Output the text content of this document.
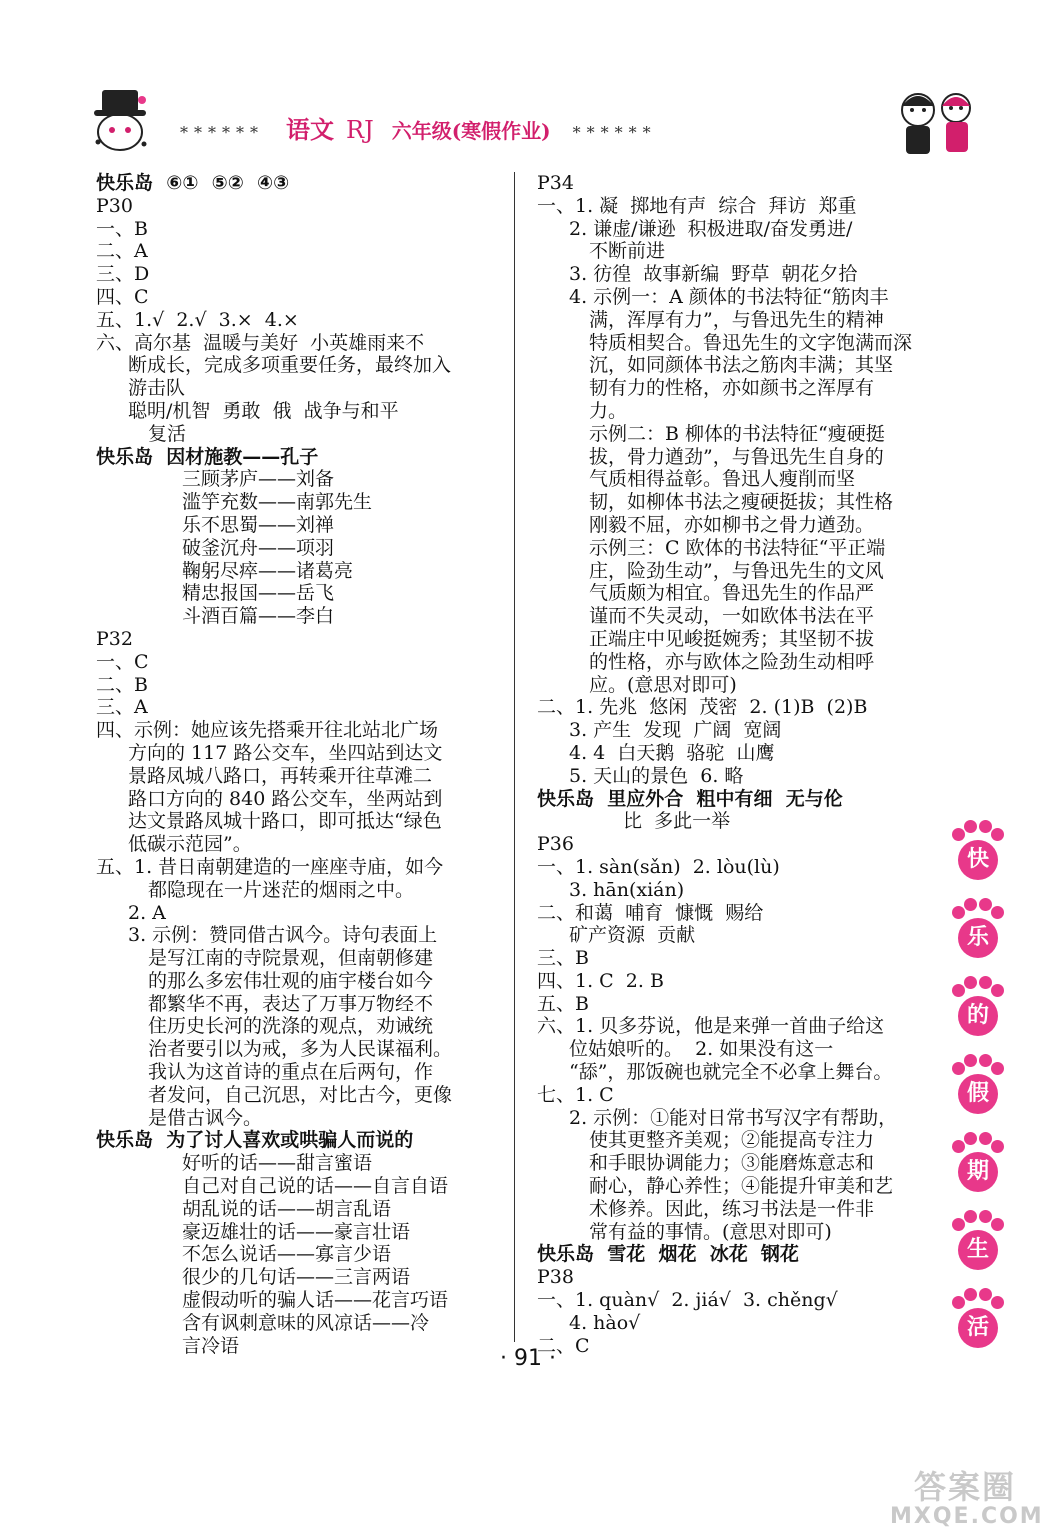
****** 语文 RJ 六年级(寒假作业) ******
快乐岛  ⑥①  ⑤②  ④③
P30
一、B
二、A
三、D
四、C
五、1.√  2.√  3.×  4.×
六、高尔基  温暖与美好  小英雄雨来不
断成长，完成多项重要任务，最终加入
游击队
聪明/机智  勇敢  俄  战争与和平
复活
快乐岛  因材施教——孔子
三顾茅庐——刘备
滥竽充数——南郭先生
乐不思蜀——刘禅
破釜沉舟——项羽
鞠躬尽瘁——诸葛亮
精忠报国——岳飞
斗酒百篇——李白
P32
一、C
二、B
三、A
四、示例：她应该先搭乘开往北站北广场
方向的 117 路公交车，坐四站到达文
景路凤城八路口，再转乘开往草滩二
路口方向的 840 路公交车，坐两站到
达文景路凤城十路口，即可抵达“绿色
低碳示范园”。
五、1. 昔日南朝建造的一座座寺庙，如今
都隐现在一片迷茫的烟雨之中。
2. A
3. 示例：赞同借古讽今。诗句表面上
是写江南的寺院景观，但南朝修建
的那么多宏伟壮观的庙宇楼台如今
都繁华不再，表达了万事万物经不
住历史长河的洗涤的观点，劝诫统
治者要引以为戒，多为人民谋福利。
我认为这首诗的重点在后两句，作
者发问，自己沉思，对比古今，更像
是借古讽今。
快乐岛  为了讨人喜欢或哄骗人而说的
好听的话——甜言蜜语
自己对自己说的话——自言自语
胡乱说的话——胡言乱语
豪迈雄壮的话——豪言壮语
不怎么说话——寡言少语
很少的几句话——三言两语
虚假动听的骗人话——花言巧语
含有讽刺意味的风凉话——冷
言冷语
P34
一、1. 凝  掷地有声  综合  拜访  郑重
2. 谦虚/谦逊  积极进取/奋发勇进/
不断前进
3. 彷徨  故事新编  野草  朝花夕拾
4. 示例一：A 颜体的书法特征“筋肉丰
满，浑厚有力”，与鲁迅先生的精神
特质相契合。鲁迅先生的文字饱满而深
沉，如同颜体书法之筋肉丰满；其坚
韧有力的性格，亦如颜书之浑厚有
力。
示例二：B 柳体的书法特征“瘦硬挺
拔，骨力遒劲”，与鲁迅先生自身的
气质相得益彰。鲁迅人瘦削而坚
韧，如柳体书法之瘦硬挺拔；其性格
刚毅不屈，亦如柳书之骨力遒劲。
示例三：C 欧体的书法特征“平正端
庄，险劲生动”，与鲁迅先生的文风
气质颇为相宜。鲁迅先生的作品严
谨而不失灵动，一如欧体书法在平
正端庄中见峻挺婉秀；其坚韧不拔
的性格，亦与欧体之险劲生动相呼
应。(意思对即可)
二、1. 先兆  悠闲  茂密  2. (1)B  (2)B
3. 产生  发现  广阔  宽阔
4. 4  白天鹅  骆驼  山鹰
5. 天山的景色  6. 略
快乐岛  里应外合  粗中有细  无与伦
比  多此一举
P36
一、1. sàn(sǎn)  2. lòu(lù)
3. hān(xián)
二、和蔼  哺育  慷慨  赐给
矿产资源  贡献
三、B
四、1. C  2. B
五、B
六、1. 贝多芬说，他是来弹一首曲子给这
位姑娘听的。  2. 如果没有这一
“舔”，那饭碗也就完全不必拿上舞台。
七、1. C
2. 示例：①能对日常书写汉字有帮助，
使其更整齐美观；②能提高专注力
和手眼协调能力；③能磨炼意志和
耐心，静心养性；④能提升审美和艺
术修养。因此，练习书法是一件非
常有益的事情。(意思对即可)
快乐岛  雪花  烟花  冰花  钢花
P38
一、1. quàn√  2. jiá√  3. chěng√
4. hào√
二、C
快
乐
的
假
期
生
活
· 91 ·
答案圈
MXQE.COM
